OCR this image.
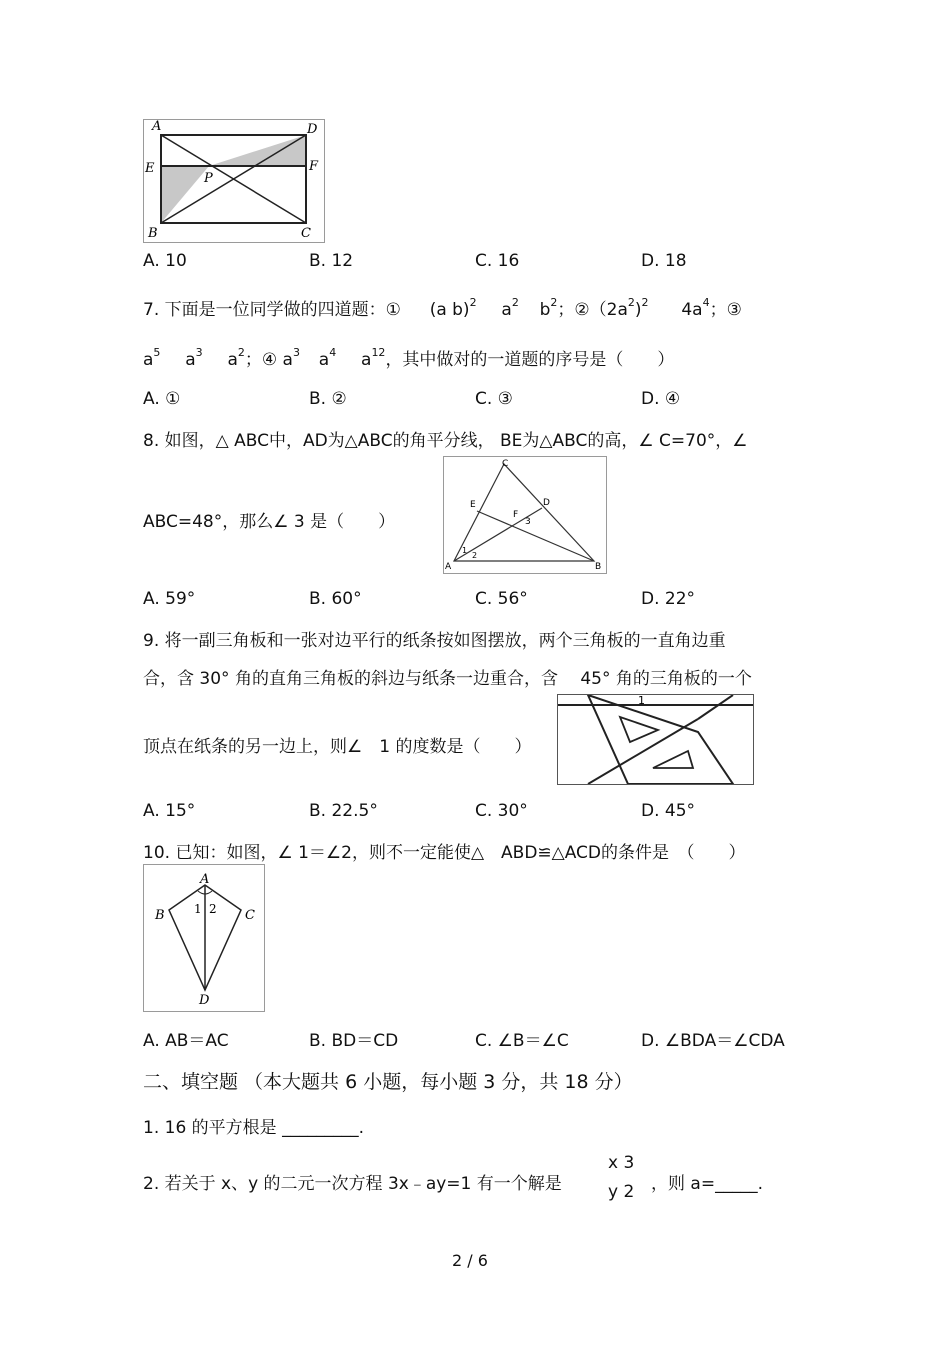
A	D
E	F
P
B	C
A. 10	B. 12	C. 16	D. 18
7. 下面是一位同学做的四道题：① (a b)$^2$ $a^2$ $b^2$；$②(2a^2)^2$ $4a^4$；③
$a^5$ $a^3$ $a^2$；④ $a^3$ $a^4$ $a^{12}$，其中做对的一道题的序号是（　　）
A. ①	B. ②	C. ③	D. ④
8. 如图，△ ABC中，AD为△ABC的角平分线， BE为△ABC的高，∠ C=70°，∠
ABC=48°，那么∠ 3 是（　　）
C
E	D
F
3
1
2
A	B
A. 59°	B. 60°	C. 56°	D. 22°
9. 将一副三角板和一张对边平行的纸条按如图摆放，两个三角板的一直角边重
合，含 30° 角的直角三角板的斜边与纸条一边重合，含　 45° 角的三角板的一个
顶点在纸条的另一边上，则∠　1 的度数是（　　）
1
A. 15°	B. 22.5°	C. 30°	D. 45°
10. 已知：如图，∠ 1＝∠2，则不一定能使△　ABD≌△ACD的条件是　（　　）
A
B	C
D
1 2
A. AB＝AC	B. BD＝CD	C. ∠B＝∠C	D. ∠BDA＝∠CDA
二、填空题 （本大题共 6 小题，每小题 3 分，共 18 分）
1. 16 的平方根是 _________.
2. 若关于 x、y 的二元一次方程 3x﹣ay=1 有一个解是
x 3
y 2 ，则 a=_____.
2 / 6
